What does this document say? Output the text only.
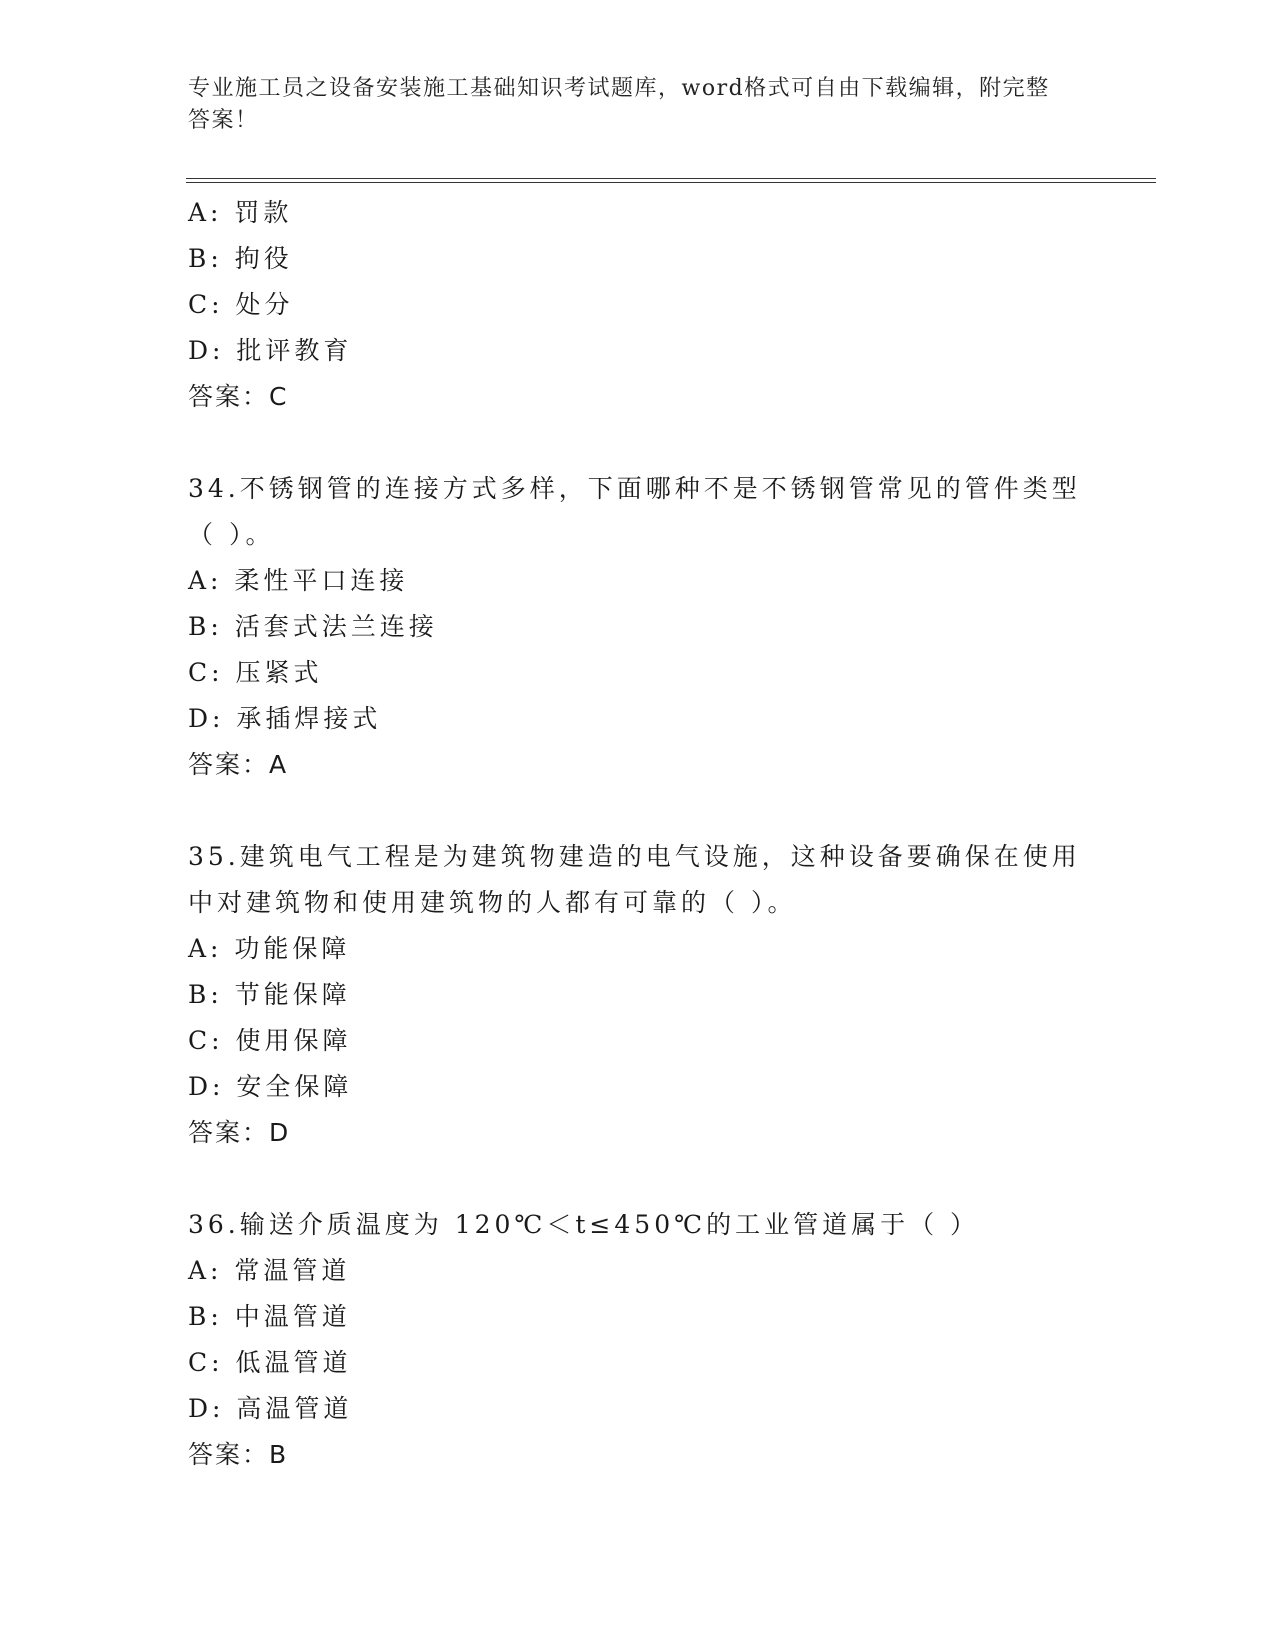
专业施工员之设备安装施工基础知识考试题库，word格式可自由下载编辑，附完整答案！
A: 罚款
B: 拘役
C: 处分
D: 批评教育
答案：C
34.不锈钢管的连接方式多样，下面哪种不是不锈钢管常见的管件类型（ ）。
A: 柔性平口连接
B: 活套式法兰连接
C: 压紧式
D: 承插焊接式
答案：A
35.建筑电气工程是为建筑物建造的电气设施，这种设备要确保在使用中对建筑物和使用建筑物的人都有可靠的（ ）。
A: 功能保障
B: 节能保障
C: 使用保障
D: 安全保障
答案：D
36.输送介质温度为 120℃＜t≤450℃的工业管道属于（ ）
A: 常温管道
B: 中温管道
C: 低温管道
D: 高温管道
答案：B
